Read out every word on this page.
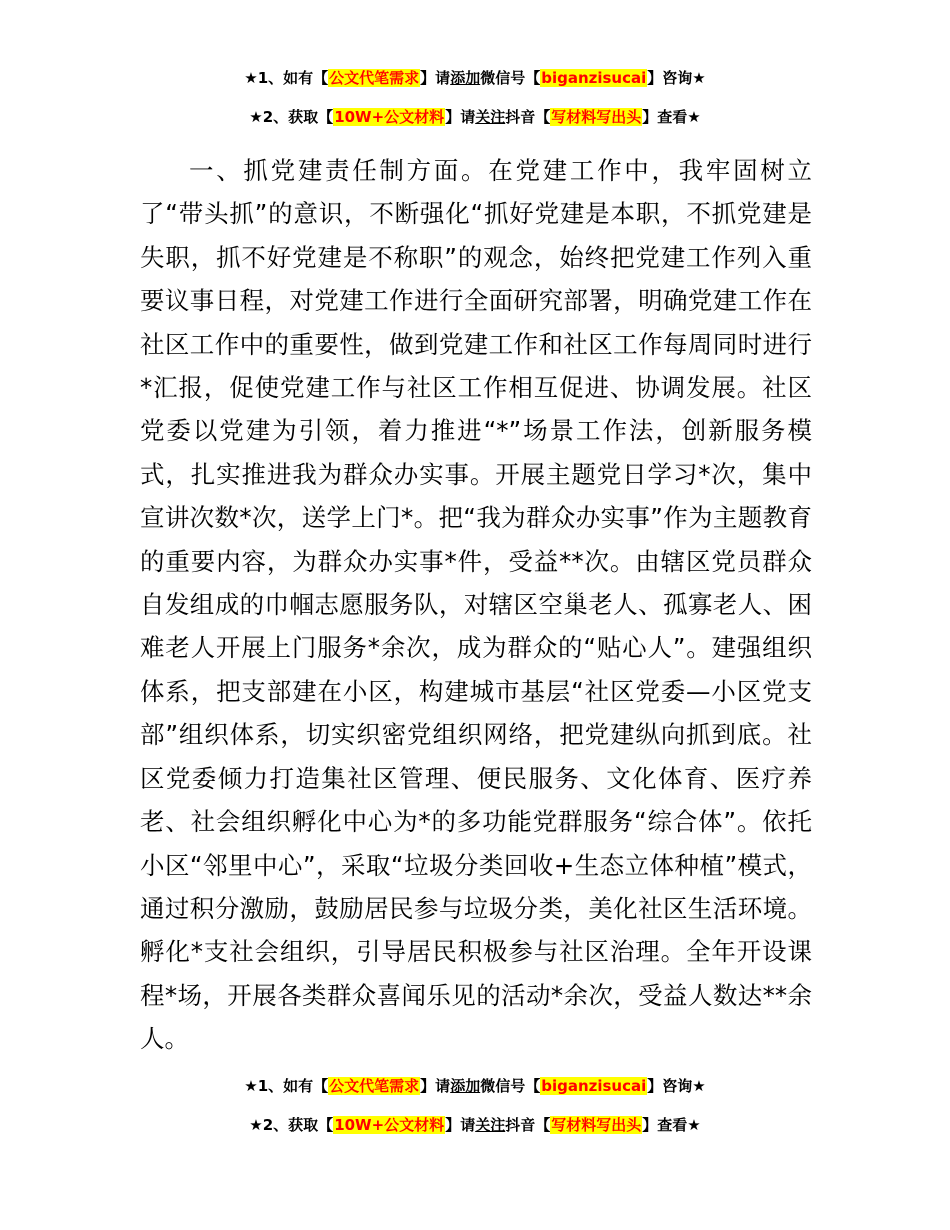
★1、如有【公文代笔需求】请添加微信号【biganzisucai】咨询★
★2、获取【10W+公文材料】请关注抖音【写材料写出头】查看★

一、抓党建责任制方面。在党建工作中，我牢固树立了“带头抓”的意识，不断强化“抓好党建是本职，不抓党建是失职，抓不好党建是不称职”的观念，始终把党建工作列入重要议事日程，对党建工作进行全面研究部署，明确党建工作在社区工作中的重要性，做到党建工作和社区工作每周同时进行*汇报，促使党建工作与社区工作相互促进、协调发展。社区党委以党建为引领，着力推进“*”场景工作法，创新服务模式，扎实推进我为群众办实事。开展主题党日学习*次，集中宣讲次数*次，送学上门*。把“我为群众办实事”作为主题教育的重要内容，为群众办实事*件，受益**次。由辖区党员群众自发组成的巾帼志愿服务队，对辖区空巢老人、孤寡老人、困难老人开展上门服务*余次，成为群众的“贴心人”。建强组织体系，把支部建在小区，构建城市基层“社区党委—小区党支部”组织体系，切实织密党组织网络，把党建纵向抓到底。社区党委倾力打造集社区管理、便民服务、文化体育、医疗养老、社会组织孵化中心为*的多功能党群服务“综合体”。依托小区“邻里中心”，采取“垃圾分类回收+生态立体种植”模式，通过积分激励，鼓励居民参与垃圾分类，美化社区生活环境。孵化*支社会组织，引导居民积极参与社区治理。全年开设课程*场，开展各类群众喜闻乐见的活动*余次，受益人数达**余人。

★1、如有【公文代笔需求】请添加微信号【biganzisucai】咨询★
★2、获取【10W+公文材料】请关注抖音【写材料写出头】查看★
